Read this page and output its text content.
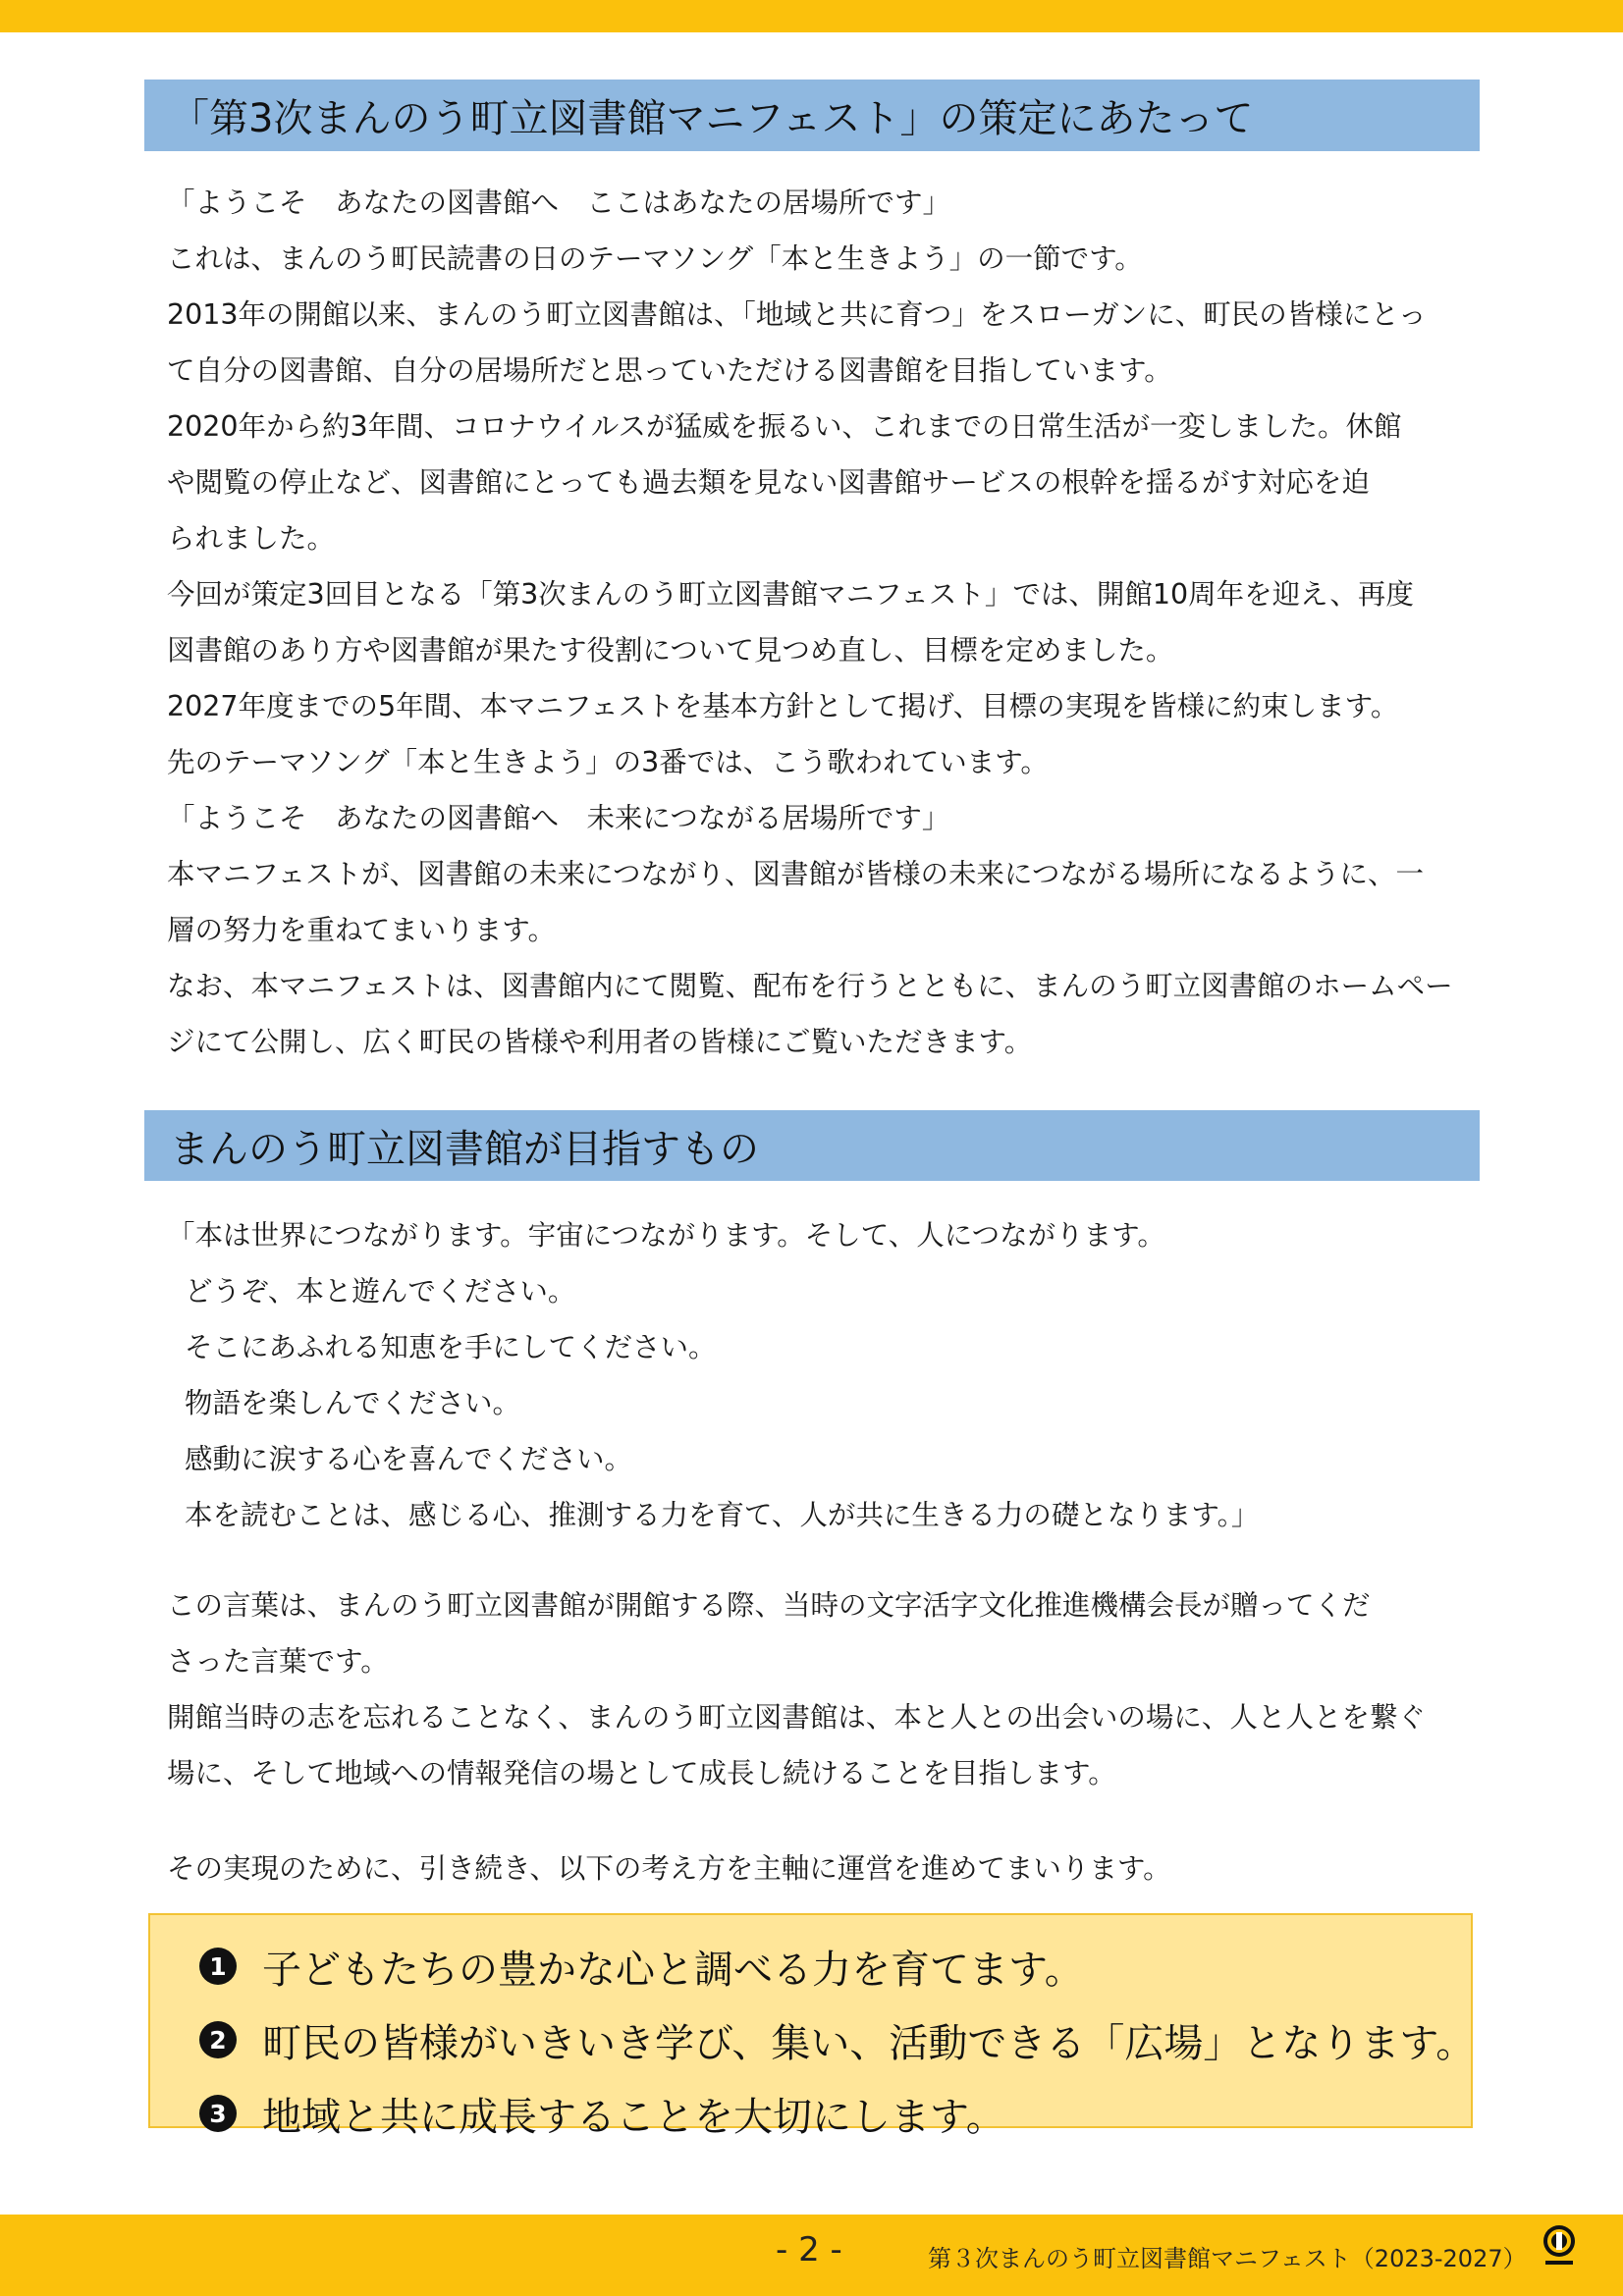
「第3次まんのう町立図書館マニフェスト」の策定にあたって
「ようこそ　あなたの図書館へ　ここはあなたの居場所です」
これは、まんのう町民読書の日のテーマソング「本と生きよう」の一節です。
2013年の開館以来、まんのう町立図書館は、「地域と共に育つ」をスローガンに、町民の皆様にとっ
て自分の図書館、自分の居場所だと思っていただける図書館を目指しています。
2020年から約3年間、コロナウイルスが猛威を振るい、これまでの日常生活が一変しました。休館
や閲覧の停止など、図書館にとっても過去類を見ない図書館サービスの根幹を揺るがす対応を迫
られました。
今回が策定3回目となる「第3次まんのう町立図書館マニフェスト」では、開館10周年を迎え、再度
図書館のあり方や図書館が果たす役割について見つめ直し、目標を定めました。
2027年度までの5年間、本マニフェストを基本方針として掲げ、目標の実現を皆様に約束します。
先のテーマソング「本と生きよう」の3番では、こう歌われています。
「ようこそ　あなたの図書館へ　未来につながる居場所です」
本マニフェストが、図書館の未来につながり、図書館が皆様の未来につながる場所になるように、一
層の努力を重ねてまいります。
なお、本マニフェストは、図書館内にて閲覧、配布を行うとともに、まんのう町立図書館のホームペー
ジにて公開し、広く町民の皆様や利用者の皆様にご覧いただきます。
まんのう町立図書館が目指すもの
「本は世界につながります。宇宙につながります。そして、人につながります。
どうぞ、本と遊んでください。
そこにあふれる知恵を手にしてください。
物語を楽しんでください。
感動に涙する心を喜んでください。
本を読むことは、感じる心、推測する力を育て、人が共に生きる力の礎となります。」
この言葉は、まんのう町立図書館が開館する際、当時の文字活字文化推進機構会長が贈ってくだ
さった言葉です。
開館当時の志を忘れることなく、まんのう町立図書館は、本と人との出会いの場に、人と人とを繋ぐ
場に、そして地域への情報発信の場として成長し続けることを目指します。
その実現のために、引き続き、以下の考え方を主軸に運営を進めてまいります。
1 子どもたちの豊かな心と調べる力を育てます。
2 町民の皆様がいきいき学び、集い、活動できる「広場」となります。
3 地域と共に成長することを大切にします。
- 2 -	第３次まんのう町立図書館マニフェスト（2023-2027）
